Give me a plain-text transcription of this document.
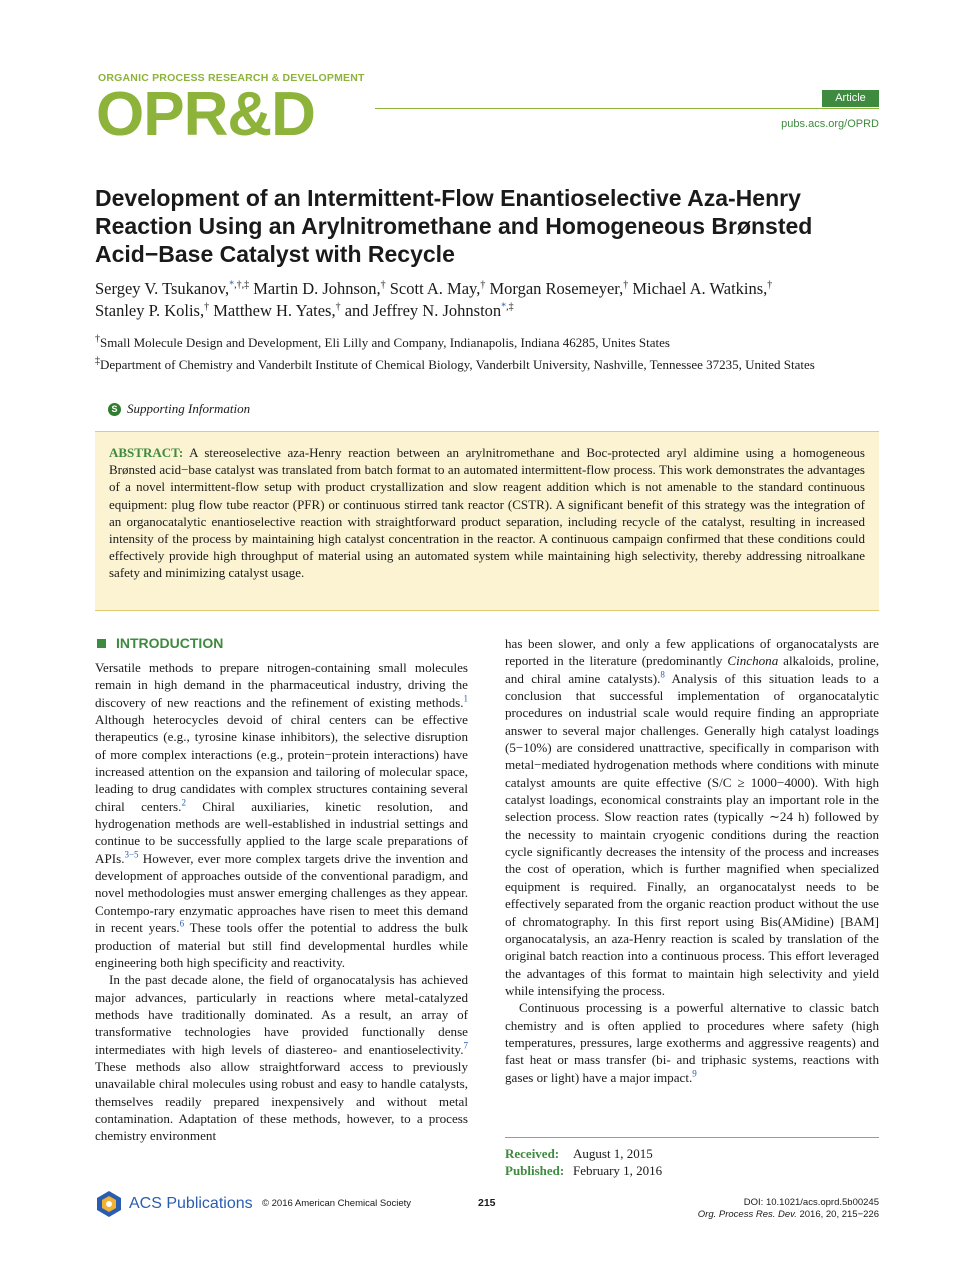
ORGANIC PROCESS RESEARCH & DEVELOPMENT
OPR&D	Article
pubs.acs.org/OPRD
Development of an Intermittent-Flow Enantioselective Aza-Henry Reaction Using an Arylnitromethane and Homogeneous Brønsted Acid−Base Catalyst with Recycle
Sergey V. Tsukanov,*,†,‡ Martin D. Johnson,† Scott A. May,† Morgan Rosemeyer,† Michael A. Watkins,†
Stanley P. Kolis,† Matthew H. Yates,† and Jeffrey N. Johnston*,‡
†Small Molecule Design and Development, Eli Lilly and Company, Indianapolis, Indiana 46285, Unites States
‡Department of Chemistry and Vanderbilt Institute of Chemical Biology, Vanderbilt University, Nashville, Tennessee 37235, United States
S Supporting Information
ABSTRACT: A stereoselective aza-Henry reaction between an arylnitromethane and Boc-protected aryl aldimine using a homogeneous Brønsted acid−base catalyst was translated from batch format to an automated intermittent-flow process. This work demonstrates the advantages of a novel intermittent-flow setup with product crystallization and slow reagent addition which is not amenable to the standard continuous equipment: plug flow tube reactor (PFR) or continuous stirred tank reactor (CSTR). A significant benefit of this strategy was the integration of an organocatalytic enantioselective reaction with straightforward product separation, including recycle of the catalyst, resulting in increased intensity of the process by maintaining high catalyst concentration in the reactor. A continuous campaign confirmed that these conditions could effectively provide high throughput of material using an automated system while maintaining high selectivity, thereby addressing nitroalkane safety and minimizing catalyst usage.
INTRODUCTION

Versatile methods to prepare nitrogen-containing small molecules remain in high demand in the pharmaceutical industry, driving the discovery of new reactions and the refinement of existing methods.$^1$ Although heterocycles devoid of chiral centers can be effective therapeutics (e.g., tyrosine kinase inhibitors), the selective disruption of more complex interactions (e.g., protein−protein interactions) have increased attention on the expansion and tailoring of molecular space, leading to drug candidates with complex structures containing several chiral centers.$^2$ Chiral auxiliaries, kinetic resolution, and hydrogenation methods are well-established in industrial settings and continue to be successfully applied to the large scale preparations of APIs.$^{3-5}$ However, ever more complex targets drive the invention and development of approaches outside of the conventional paradigm, and novel methodologies must answer emerging challenges as they appear. Contempo-rary enzymatic approaches have risen to meet this demand in recent years.$^6$ These tools offer the potential to address the bulk production of material but still find developmental hurdles while engineering both high specificity and reactivity.

In the past decade alone, the field of organocatalysis has achieved major advances, particularly in reactions where metal-catalyzed methods have traditionally dominated. As a result, an array of transformative technologies have provided functionally dense intermediates with high levels of diastereo- and enantioselectivity.$^7$ These methods also allow straightforward access to previously unavailable chiral molecules using robust and easy to handle catalysts, themselves readily prepared inexpensively and without metal contamination. Adaptation of these methods, however, to a process chemistry environment

has been slower, and only a few applications of organocatalysts are reported in the literature (predominantly Cinchona alkaloids, proline, and chiral amine catalysts).$^8$ Analysis of this situation leads to a conclusion that successful implementation of organocatalytic procedures on industrial scale would require finding an appropriate answer to several major challenges. Generally high catalyst loadings (5−10%) are considered unattractive, specifically in comparison with metal−mediated hydrogenation methods where conditions with minute catalyst amounts are quite effective (S/C ≥ 1000−4000). With high catalyst loadings, economical constraints play an important role in the selection process. Slow reaction rates (typically ∼24 h) followed by the necessity to maintain cryogenic conditions during the reaction cycle significantly decreases the intensity of the process and increases the cost of operation, which is further magnified when specialized equipment is required. Finally, an organocatalyst needs to be effectively separated from the organic reaction product without the use of chromatography. In this first report using Bis(AMidine) [BAM] organocatalysis, an aza-Henry reaction is scaled by translation of the original batch reaction into a continuous process. This effort leveraged the advantages of this format to maintain high selectivity and yield while intensifying the process.

Continuous processing is a powerful alternative to classic batch chemistry and is often applied to procedures where safety (high temperatures, pressures, large exotherms and aggressive reagents) and fast heat or mass transfer (bi- and triphasic systems, reactions with gases or light) have a major impact.$^9$

Received:	August 1, 2015
Published: February 1, 2016
ACS Publications © 2016 American Chemical Society	215	DOI: 10.1021/acs.oprd.5b00245
Org. Process Res. Dev. 2016, 20, 215−226
